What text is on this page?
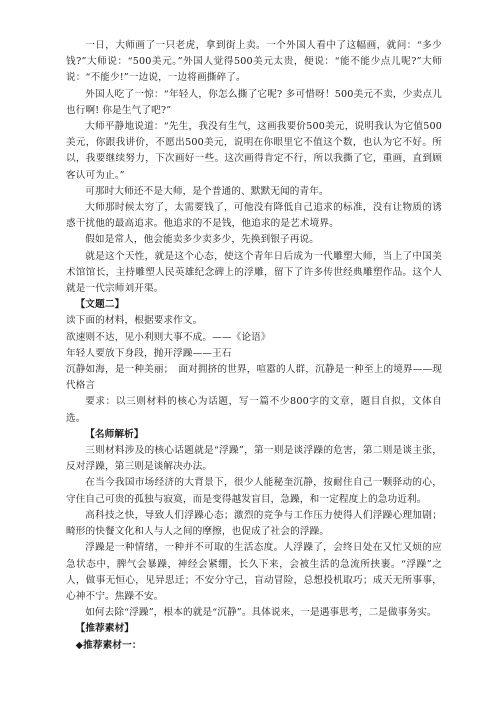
一日，大师画了一只老虎，拿到街上卖。一个外国人看中了这幅画，就问：“多少钱?”大师说：“500美元。”外国人觉得500美元太贵，便说：“能不能少点儿呢?”大师说：“不能少!”一边说，一边将画撕碎了。

外国人吃了一惊：“年轻人，你怎么撕了它呢? 多可惜呀！500美元不卖，少卖点儿也行啊! 你是生气了吧?”

大师平静地说道：“先生，我没有生气，这画我要价500美元，说明我认为它值500美元，你跟我讲价，不愿出500美元，说明在你眼里它不值这个数，也认为它不好。所以，我要继续努力，下次画好一些。这次画得肯定不行，所以我撕了它，重画，直到顾客认可为止。”

可那时大师还不是大师，是个普通的、默默无闻的青年。

大师那时候太穷了，太需要钱了，可他没有降低自己追求的标准，没有让物质的诱惑干扰他的最高追求。他追求的不是钱，他追求的是艺术境界。

假如是常人，他会能卖多少卖多少，先换到银子再说。

就是这个天性，就是这个心态，使这个青年日后成为一代雕塑大师，当上了中国美术馆馆长，主持雕塑人民英雄纪念碑上的浮雕，留下了许多传世经典雕塑作品。这个人就是一代宗师刘开渠。

【文题二】

读下面的材料，根据要求作文。

欲速则不达，见小利则大事不成。——《论语》

年轻人要放下身段，抛开浮躁——王石

沉静如海，是一种美丽；　面对拥挤的世界，喧嚣的人群，沉静是一种至上的境界——现代格言

要求：以三则材料的核心为话题，写一篇不少800字的文章，题目自拟，文体自选。

【名师解析】

三则材料涉及的核心话题就是“浮躁”，第一则是谈浮躁的危害，第二则是谈主张，反对浮躁，第三则是谈解决办法。

在当今我国市场经济的大背景下，很少人能秘奎沉静，按耐住自己一颗驿动的心，守住自己可贵的孤独与寂寞，而是变得越发盲目，急躁，和一定程度上的急功近利。

高科技之快，导致人们浮躁心态；激烈的竞争与工作压力使得人们浮躁心理加剧；畸形的快餐文化和人与人之间的摩擦，也促成了社会的浮躁。

浮躁是一种情绪，一种并不可取的生活态度。人浮躁了，会终日处在又忙又烦的应急状态中，脾气会暴躁，神经会紧绷，长久下来，会被生活的急流所挟裹。“浮躁”之人，做事无恒心，见异思迁；不安分守己，盲动冒险，总想投机取巧；成天无所事事，心神不宁。焦躁不安。

如何去除“浮躁”，根本的就是“沉静”。具体说来，一是遇事思考，二是做事务实。

【推荐素材】

◆推荐素材一：
